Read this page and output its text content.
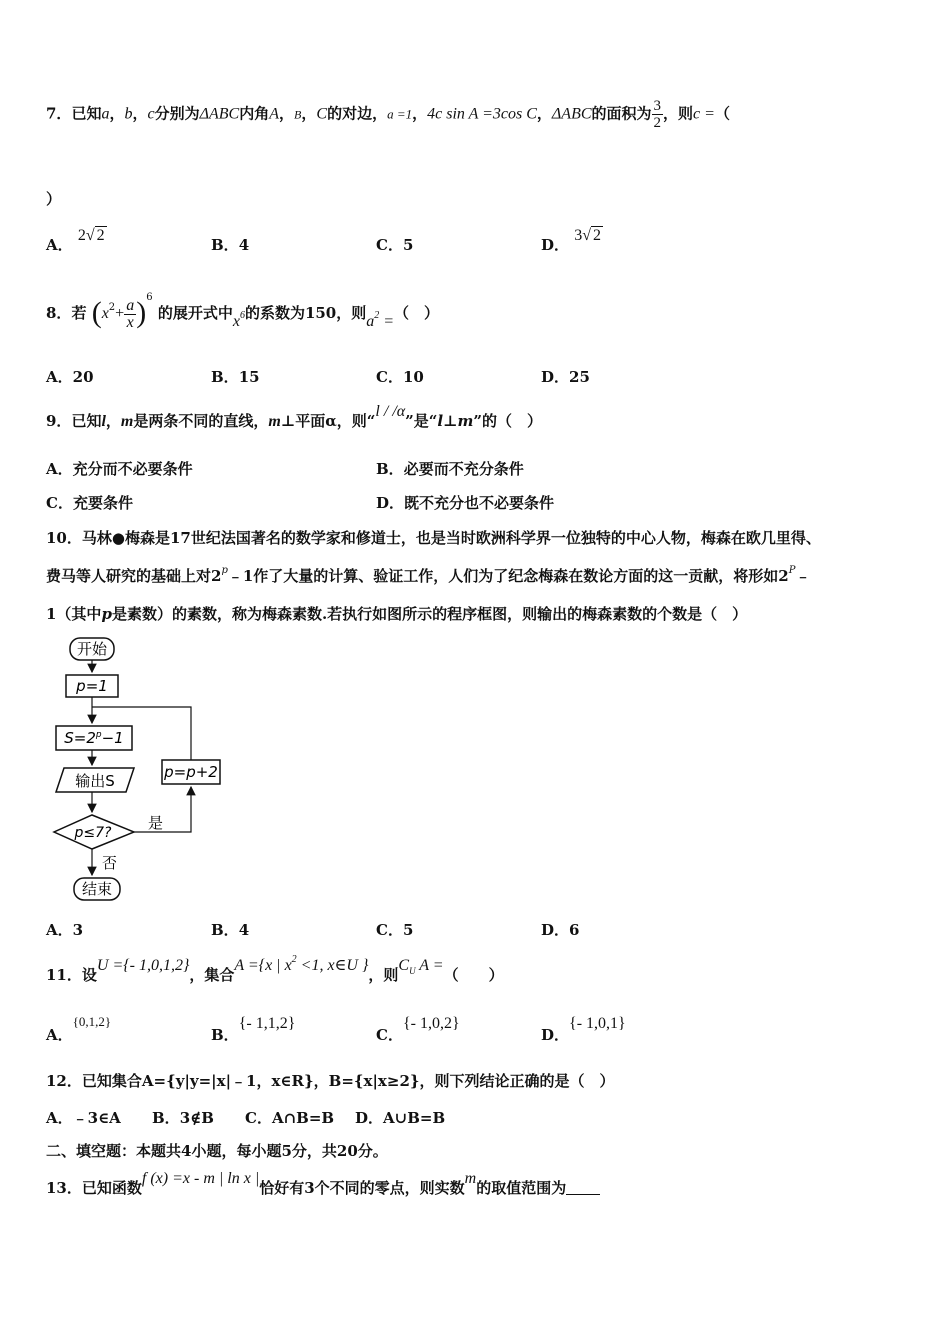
7．已知a，b，c分别为ΔABC内角A，B，C的对边，a =1，4c sin A =3cos C，ΔABC的面积为 $\frac{3}{2}$ ，则c =（
）
A． 2√ 2
B．4	C．5	D． 3√ 2
8．若 $(x^2+ \frac{a}{x} )^6$ 的展开式中$x^6$的系数为150，则$a^2$ =（　）
A．20	B．15	C．10	D．25
9．已知l，m是两条不同的直线，m⊥平面α，则“l / /α”是“l⊥m”的（　）
A．充分而不必要条件	B．必要而不充分条件
C．充要条件	D．既不充分也不必要条件
10．马林●梅森是17世纪法国著名的数学家和修道士，也是当时欧洲科学界一位独特的中心人物，梅森在欧几里得、
费马等人研究的基础上对2$^p$﹣1作了大量的计算、验证工作，人们为了纪念梅森在数论方面的这一贡献，将形如$2^P﹣$
1（其中p是素数）的素数，称为梅森素数.若执行如图所示的程序框图，则输出的梅森素数的个数是（　）
开始
p=1
$S=2^p-1$
输出S	p=p+2
p≤7?
是
否
结束
A．3	B．4	C．5	D．6
11．设U ={- 1,0,1,2}，集合A ={x | $x^2 <1$, x∈U }，则$C_U$ A =（　　）
A．{0,1,2}
B．{- 1,1,2}
C．{- 1,0,2}
D．{- 1,0,1}
12．已知集合A={y|y=|x|﹣1，x∈R}，B={x|x≥2}，则下列结论正确的是（　）
A．﹣3∈A B．3∉B C．A∩B=B D．A∪B=B
二、填空题：本题共4小题，每小题5分，共20分。
13．已知函数f (x) =x - m | ln x |恰好有3个不同的零点，则实数m的取值范围为
